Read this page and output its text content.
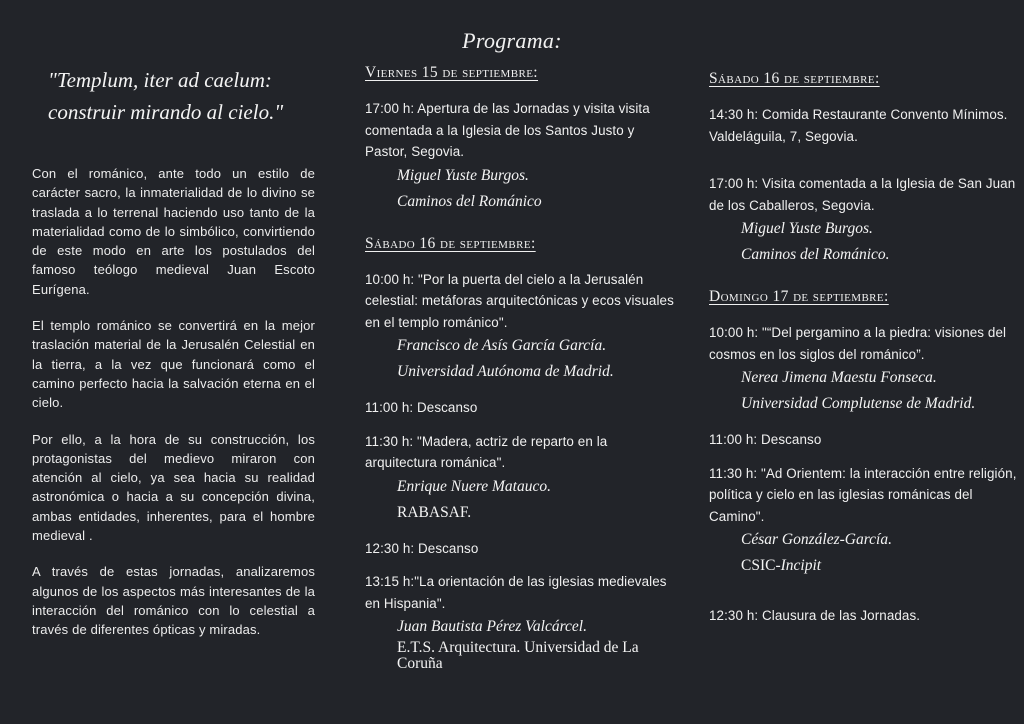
Programa:

"Templum, iter ad caelum: construir mirando al cielo."

Con el románico, ante todo un estilo de carácter sacro, la inmaterialidad de lo divino se traslada a lo terrenal haciendo uso tanto de la materialidad como de lo simbólico, convirtiendo de este modo en arte los postulados del famoso teólogo medieval Juan Escoto Eurígena.

El templo románico se convertirá en la mejor traslación material de la Jerusalén Celestial en la tierra, a la vez que funcionará como el camino perfecto hacia la salvación eterna en el cielo.

Por ello, a la hora de su construcción, los protagonistas del medievo miraron con atención al cielo, ya sea hacia su realidad astronómica o hacia a su concepción divina, ambas entidades, inherentes, para el hombre medieval .

A través de estas jornadas, analizaremos algunos de los aspectos más interesantes de la interacción del románico con lo celestial a través de diferentes ópticas y miradas.

Viernes 15 de septiembre:
17:00 h: Apertura de las Jornadas y visita visita comentada a la Iglesia de los Santos Justo y Pastor, Segovia.
Miguel Yuste Burgos.
Caminos del Románico
Sábado 16 de septiembre:
10:00 h: "Por la puerta del cielo a la Jerusalén celestial: metáforas arquitectónicas y ecos visuales en el templo románico".
Francisco de Asís García García.
Universidad Autónoma de Madrid.
11:00 h: Descanso
11:30 h: "Madera, actriz de reparto en la arquitectura románica".
Enrique Nuere Matauco.
RABASAF.
12:30 h: Descanso
13:15 h:"La orientación de las iglesias medievales en Hispania".
Juan Bautista Pérez Valcárcel.
E.T.S. Arquitectura. Universidad de La Coruña
Sábado 16 de septiembre:
14:30 h: Comida Restaurante Convento Mínimos. Valdeláguila, 7, Segovia.
17:00 h: Visita comentada a la Iglesia de San Juan de los Caballeros, Segovia.
Miguel Yuste Burgos.
Caminos del Románico.
Domingo 17 de septiembre:
10:00 h: "“Del pergamino a la piedra: visiones del cosmos en los siglos del románico”.
Nerea Jimena Maestu Fonseca.
Universidad Complutense de Madrid.
11:00 h: Descanso
11:30 h: "Ad Orientem: la interacción entre religión, política y cielo en las iglesias románicas del Camino".
César González-García.
CSIC-Incipit
12:30 h: Clausura de las Jornadas.
